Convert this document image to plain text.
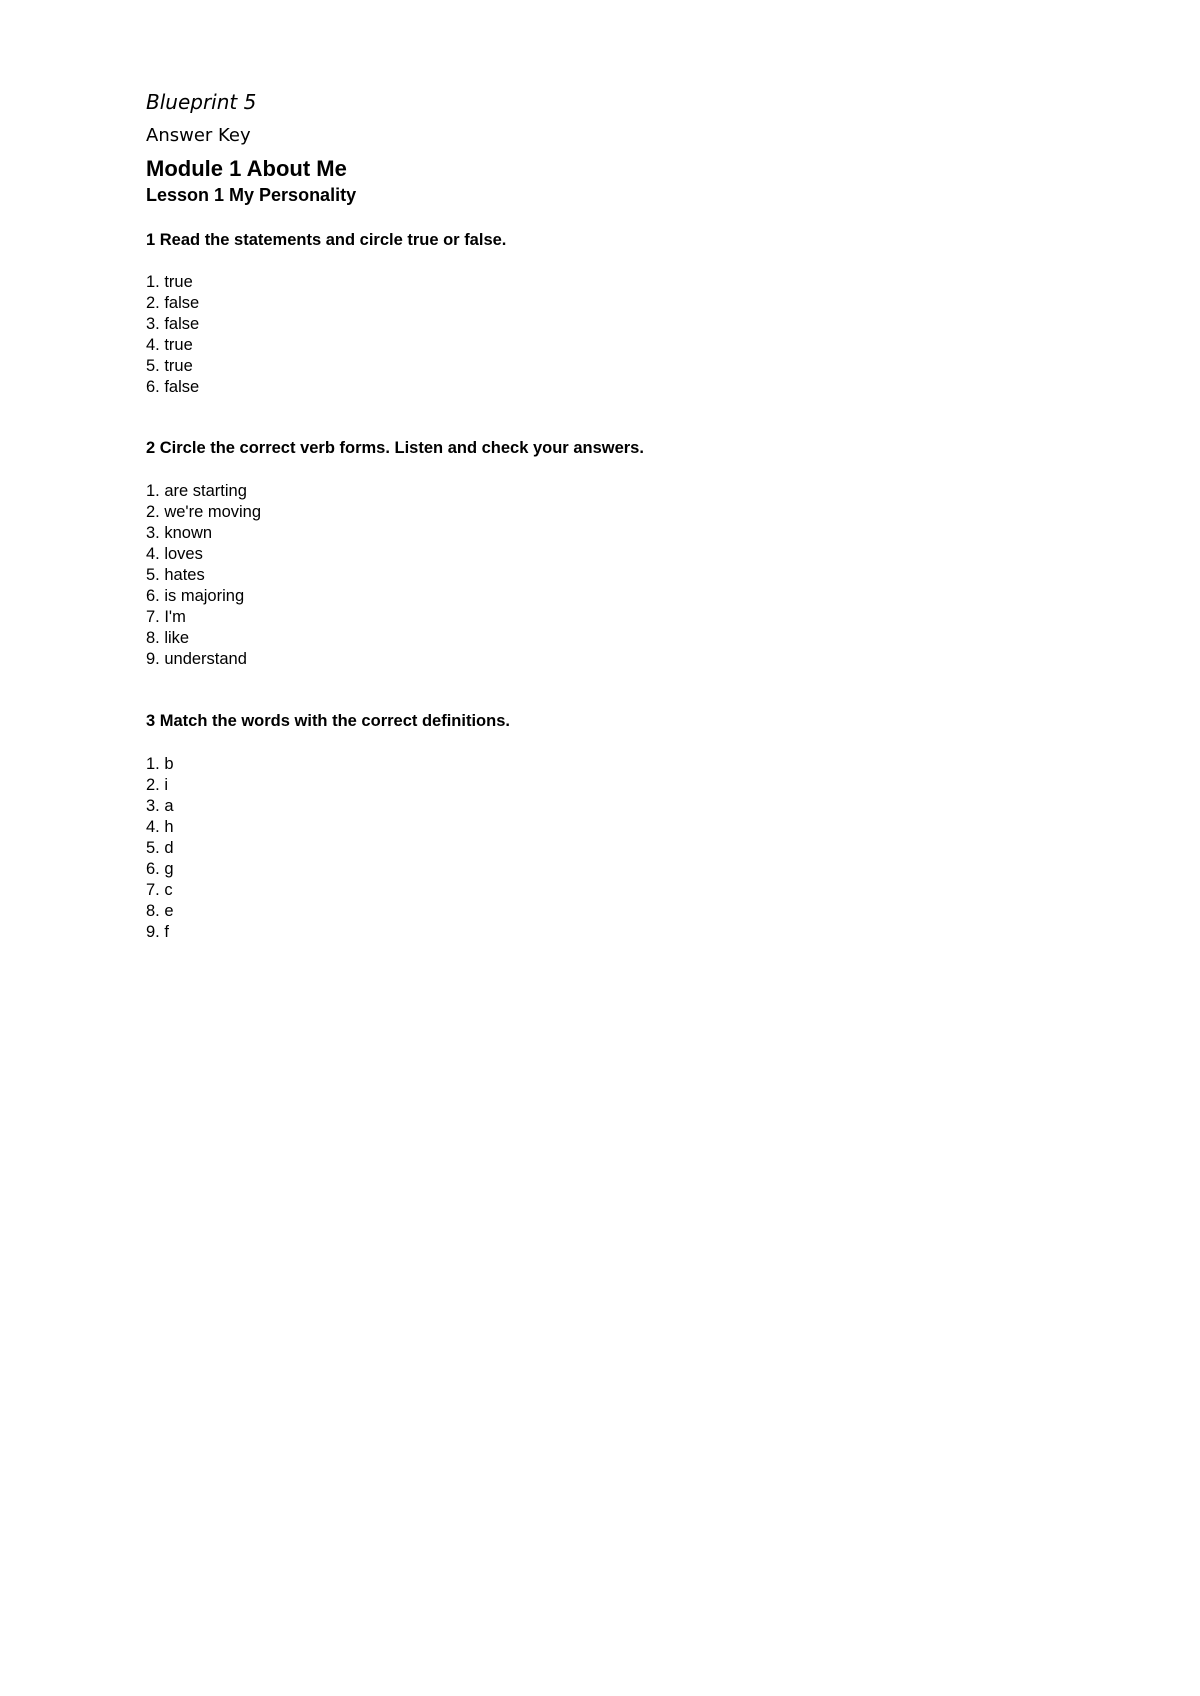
Blueprint 5

Answer Key

Module 1 About Me
Lesson 1 My Personality
1 Read the statements and circle true or false.
1. true
2. false
3. false
4. true
5. true
6. false
2 Circle the correct verb forms. Listen and check your answers.
1. are starting
2. we're moving
3. known
4. loves
5. hates
6. is majoring
7. I'm
8. like
9. understand
3 Match the words with the correct definitions.
1. b
2. i
3. a
4. h
5. d
6. g
7. c
8. e
9. f
